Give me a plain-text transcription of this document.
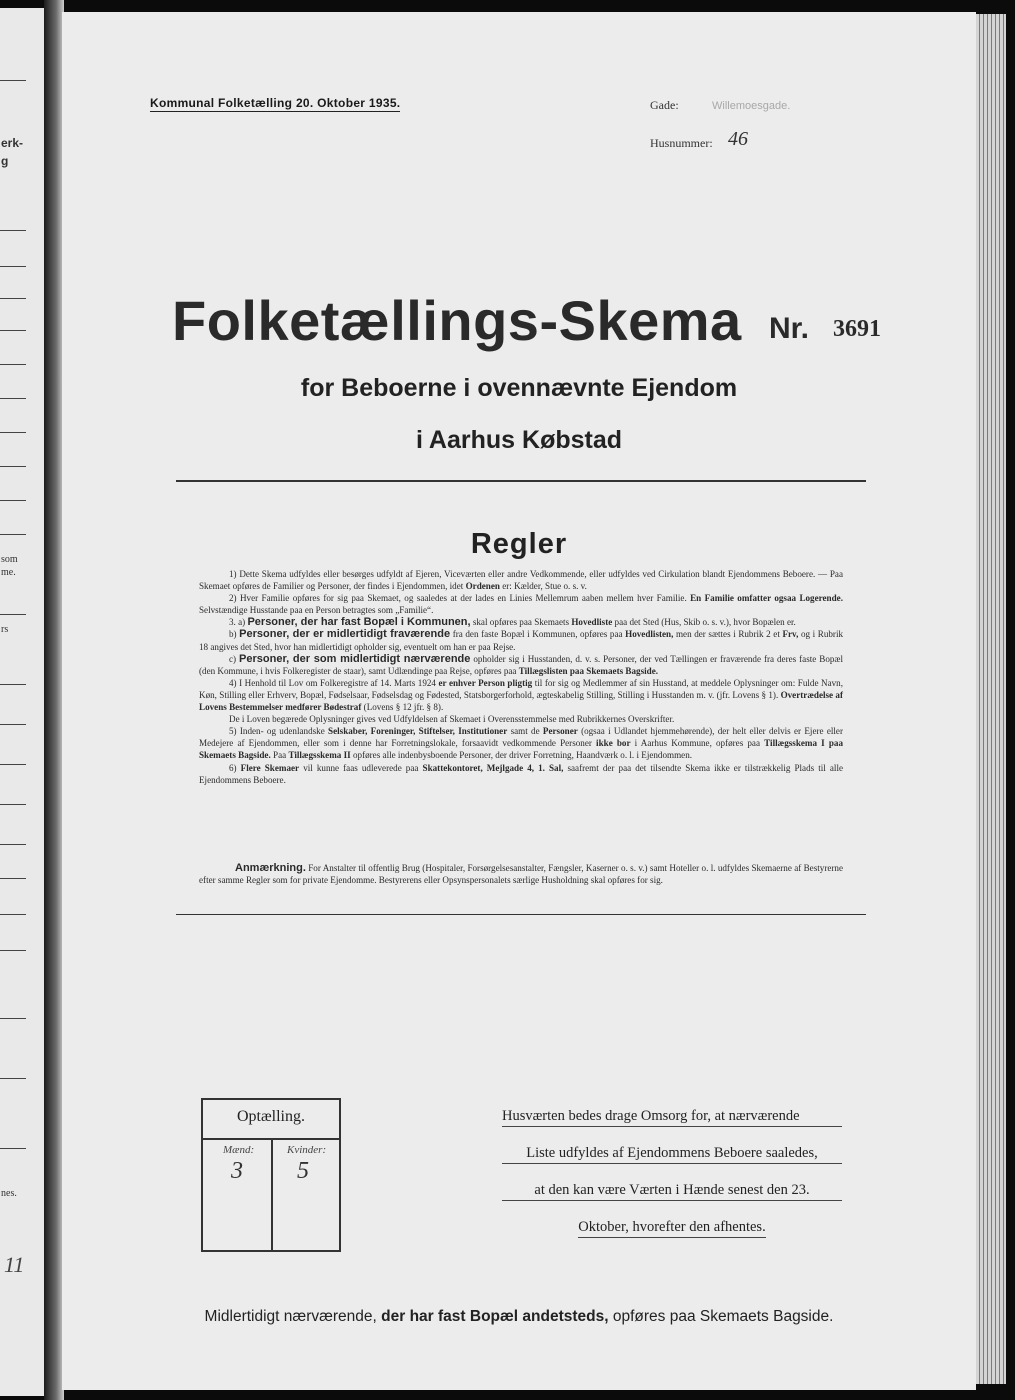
erk-
g
som
me.
rs
nes.
11
Kommunal Folketælling 20. Oktober 1935.	Gade:	Willemoesgade.
Husnummer: 46
Folketællings-Skema Nr. 3691
for Beboerne i ovennævnte Ejendom
i Aarhus Købstad
Regler

1) Dette Skema udfyldes eller besørges udfyldt af Ejeren, Viceværten eller andre Vedkommende, eller udfyldes ved Cirkulation blandt Ejendommens Beboere. — Paa Skemaet opføres de Familier og Personer, der findes i Ejendommen, idet Ordenen er: Kælder, Stue o. s. v.

2) Hver Familie opføres for sig paa Skemaet, og saaledes at der lades en Linies Mellemrum aaben mellem hver Familie. En Familie omfatter ogsaa Logerende. Selvstændige Husstande paa en Person betragtes som „Familie“.

3. a) Personer, der har fast Bopæl i Kommunen, skal opføres paa Skemaets Hovedliste paa det Sted (Hus, Skib o. s. v.), hvor Bopælen er.

b) Personer, der er midlertidigt fraværende fra den faste Bopæl i Kommunen, opføres paa Hovedlisten, men der sættes i Rubrik 2 et Frv, og i Rubrik 18 angives det Sted, hvor han midlertidigt opholder sig, eventuelt om han er paa Rejse.

c) Personer, der som midlertidigt nærværende opholder sig i Husstanden, d. v. s. Personer, der ved Tællingen er fraværende fra deres faste Bopæl (den Kommune, i hvis Folkeregister de staar), samt Udlændinge paa Rejse, opføres paa Tillægslisten paa Skemaets Bagside.

4) I Henhold til Lov om Folkeregistre af 14. Marts 1924 er enhver Person pligtig til for sig og Medlemmer af sin Husstand, at meddele Oplysninger om: Fulde Navn, Køn, Stilling eller Erhverv, Bopæl, Fødselsaar, Fødselsdag og Fødested, Statsborgerforhold, ægteskabelig Stilling, Stilling i Husstanden m. v. (jfr. Lovens § 1). Overtrædelse af Lovens Bestemmelser medfører Bødestraf (Lovens § 12 jfr. § 8).

De i Loven begærede Oplysninger gives ved Udfyldelsen af Skemaet i Overensstemmelse med Rubrikkernes Overskrifter.

5) Inden- og udenlandske Selskaber, Foreninger, Stiftelser, Institutioner samt de Personer (ogsaa i Udlandet hjemmehørende), der helt eller delvis er Ejere eller Medejere af Ejendommen, eller som i denne har Forretningslokale, forsaavidt vedkommende Personer ikke bor i Aarhus Kommune, opføres paa Tillægsskema I paa Skemaets Bagside. Paa Tillægsskema II opføres alle indenbysboende Personer, der driver Forretning, Haandværk o. l. i Ejendommen.

6) Flere Skemaer vil kunne faas udleverede paa Skattekontoret, Mejlgade 4, 1. Sal, saafremt der paa det tilsendte Skema ikke er tilstrækkelig Plads til alle Ejendommens Beboere.

Anmærkning. For Anstalter til offentlig Brug (Hospitaler, Forsørgelsesanstalter, Fængsler, Kaserner o. s. v.) samt Hoteller o. l. udfyldes Skemaerne af Bestyrerne efter samme Regler som for private Ejendomme. Bestyrerens eller Opsynspersonalets særlige Husholdning skal opføres for sig.
Optælling.
Mænd:	Kvinder:
3 5
Husværten bedes drage Omsorg for, at nærværende
Liste udfyldes af Ejendommens Beboere saaledes,
at den kan være Værten i Hænde senest den 23.
Oktober, hvorefter den afhentes.
Midlertidigt nærværende, der har fast Bopæl andetsteds, opføres paa Skemaets Bagside.
